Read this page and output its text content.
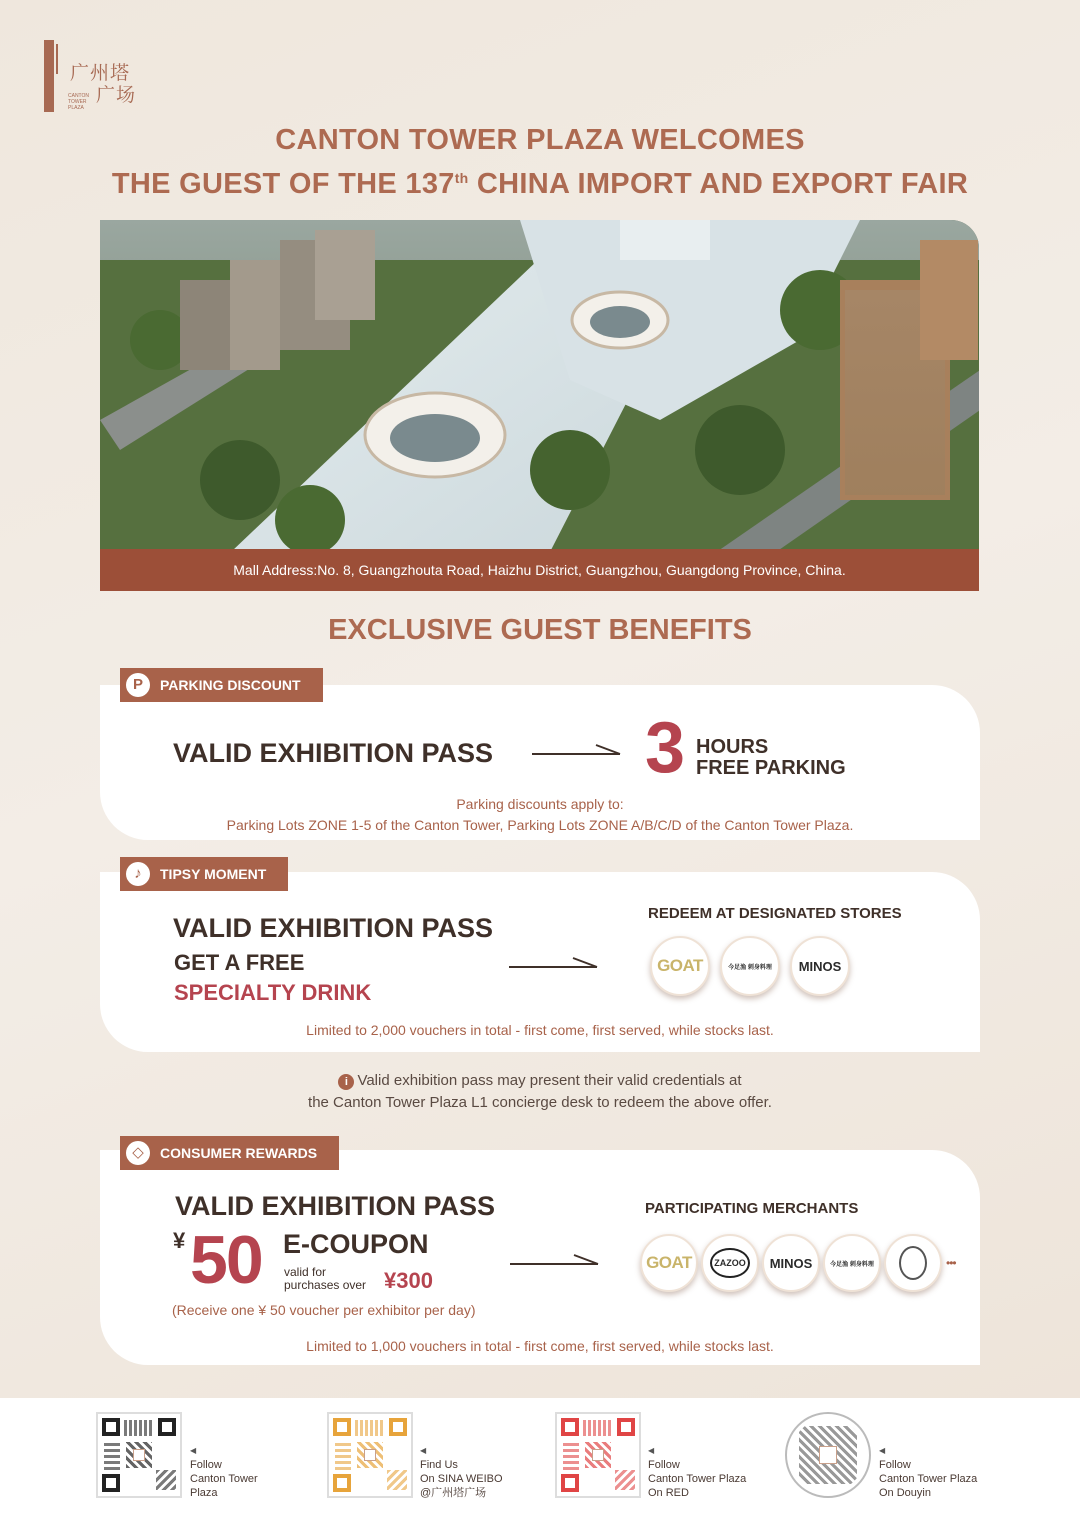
广州塔
广场
CANTON TOWER PLAZA
CANTON TOWER PLAZA WELCOMES
THE GUEST OF THE 137th CHINA IMPORT AND EXPORT FAIR
Mall Address:No. 8, Guangzhouta Road, Haizhu District, Guangzhou, Guangdong Province, China.
EXCLUSIVE GUEST BENEFITS
P	PARKING DISCOUNT
VALID EXHIBITION PASS 3 HOURS
FREE PARKING
Parking discounts apply to:
Parking Lots ZONE 1-5 of the Canton Tower, Parking Lots ZONE A/B/C/D of the Canton Tower Plaza.
♪	TIPSY MOMENT
VALID EXHIBITION PASS
GET A FREE
SPECIALTY DRINK
REDEEM AT DESIGNATED STORES
GOAT	今足漁 刺身料理 MINOS
Limited to 2,000 vouchers in total - first come, first served, while stocks last.
i Valid exhibition pass may present their valid credentials at
the Canton Tower Plaza L1 concierge desk to redeem the above offer.
◇	CONSUMER REWARDS
VALID EXHIBITION PASS
¥ 50 E-COUPON
valid for
purchases over ¥300
(Receive one ¥ 50 voucher per exhibitor per day)
PARTICIPATING MERCHANTS
GOAT	ZAZOO	MINOS	今足漁 刺身料理	•••
Limited to 1,000 vouchers in total - first come, first served, while stocks last.
◀
Follow
Canton Tower
Plaza
◀
Find Us
On SINA WEIBO
@广州塔广场
◀
Follow
Canton Tower Plaza
On RED
◀
Follow
Canton Tower Plaza
On Douyin
